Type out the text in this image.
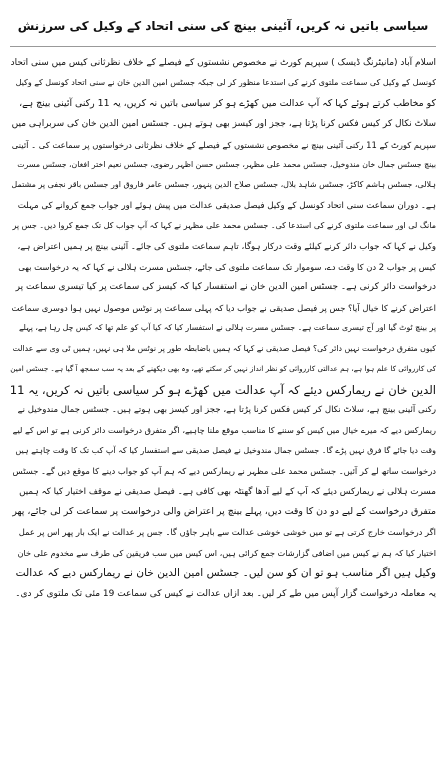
سیاسی باتیں نہ کریں، آئینی بینچ کی سنی اتحاد کے وکیل کی سرزنش
اسلام آباد (مانیٹرنگ ڈیسک ) سپریم کورٹ نے مخصوص نشستوں کے فیصلے کے خلاف نظرثانی کیس میں سنی اتحاد
کونسل کے وکیل کی سماعت ملتوی کرنے کی استدعا منظور کر لی جبکہ جسٹس امین الدین خان نے سنی اتحاد کونسل کے وکیل
کو مخاطب کرتے ہوئے کہا کہ آپ عدالت میں کھڑے ہو کر سیاسی باتیں نہ کریں، یہ 11 رکنی آئینی بینچ ہے،
سلاٹ نکال کر کیس فکس کرنا پڑتا ہے، ججز اور کیسز بھی ہوتے ہیں۔ جسٹس امین الدین خان کی سربراہی میں
سپریم کورٹ کے 11 رکنی آئینی بینچ نے مخصوص نشستوں کے فیصلے کے خلاف نظرثانی درخواستوں پر سماعت کی ۔ آئینی
بینچ جسٹس جمال خان مندوخیل، جسٹس محمد علی مظہر، جسٹس حسن اظہر رضوی، جسٹس نعیم اختر افغان، جسٹس مسرت
ہلالی، جسٹس ہاشم کاکڑ، جسٹس شاہد بلال، جسٹس صلاح الدین پنہور، جسٹس عامر فاروق اور جسٹس باقر نجفی پر مشتمل
ہے۔ دوران سماعت سنی اتحاد کونسل کے وکیل فیصل صدیقی عدالت میں پیش ہوئے اور جواب جمع کروانے کی مہلت
مانگ لی اور سماعت ملتوی کرنے کی استدعا کی۔ جسٹس محمد علی مظہر نے کہا کہ آپ جواب کل تک جمع کروا دیں۔ جس پر
وکیل نے کہا کہ جواب دائر کرنے کیلئے وقت درکار ہوگا، تاہم سماعت ملتوی کی جائے۔ آئینی بینچ پر ہمیں اعتراض ہے،
کیس پر جواب 2 دن کا وقت دے، سوموار تک سماعت ملتوی کی جائے، جسٹس مسرت ہلالی نے کہا کہ یہ درخواست بھی
درخواست دائر کرنی ہے۔ جسٹس امین الدین خان نے استفسار کیا کہ کیسز کی سماعت پر کیا تیسری سماعت پر
اعتراض کرنے کا خیال آیا؟ جس پر فیصل صدیقی نے جواب دیا کہ پہلی سماعت پر نوٹس موصول نہیں ہوا دوسری سماعت
پر بینچ ٹوٹ گیا اور آج تیسری سماعت ہے۔ جسٹس مسرت ہلالی نے استفسار کیا کہ کیا آپ کو علم تھا کہ کیس چل رہا ہے، پہلے
کیوں متفرق درخواست نہیں دائر کی؟ فیصل صدیقی نے کہا کہ ہمیں باضابطہ طور پر نوٹس ملا ہی نہیں، ہمیں ٹی وی سے عدالت
کی کارروائی کا علم ہوا ہے، ہم عدالتی کارروائی کو نظر انداز نہیں کر سکتے تھے، وہ بھی دیکھنے کے بعد یہ سب سمجھ آ گیا ہے۔ جسٹس امین
الدین خان نے ریمارکس دیئے کہ آپ عدالت میں کھڑے ہو کر سیاسی باتیں نہ کریں، یہ 11
رکنی آئینی بینچ ہے، سلاٹ نکال کر کیس فکس کرنا پڑتا ہے، ججز اور کیسز بھی ہوتے ہیں۔ جسٹس جمال مندوخیل نے
ریمارکس دیے کہ میرے خیال میں کیس کو سننے کا مناسب موقع ملنا چاہیے، اگر متفرق درخواست دائر کرنی ہے تو اس کے لیے
وقت دیا جائے گا فرق نہیں پڑے گا۔ جسٹس جمال مندوخیل نے فیصل صدیقی سے استفسار کیا کہ آپ کب تک کا وقت چاہتے ہیں
درخواست ساتھ لے کر آئیں۔ جسٹس محمد علی مظہر نے ریمارکس دیے کہ ہم آپ کو جواب دینے کا موقع دیں گے۔ جسٹس
مسرت ہلالی نے ریمارکس دیئے کہ آپ کے لیے آدھا گھنٹہ بھی کافی ہے۔ فیصل صدیقی نے موقف اختیار کیا کہ ہمیں
متفرق درخواست کے لیے دو دن کا وقت دیں، پہلے بینچ پر اعتراض والی درخواست پر سماعت کر لی جائے، پھر
اگر درخواست خارج کرتی ہے تو میں خوشی خوشی عدالت سے باہر جاؤں گا۔ جس پر عدالت نے ایک بار پھر اس پر عمل
اختیار کیا کہ ہم نے کیس میں اضافی گزارشات جمع کرائی ہیں، اس کیس میں سب فریقین کی طرف سے مخدوم علی خان
وکیل ہیں اگر مناسب ہو تو ان کو سن لیں۔ جسٹس امین الدین خان نے ریمارکس دیے کہ عدالت
یہ معاملہ درخواست گزار آپس میں طے کر لیں۔ بعد ازاں عدالت نے کیس کی سماعت 19 مئی تک ملتوی کر دی۔
